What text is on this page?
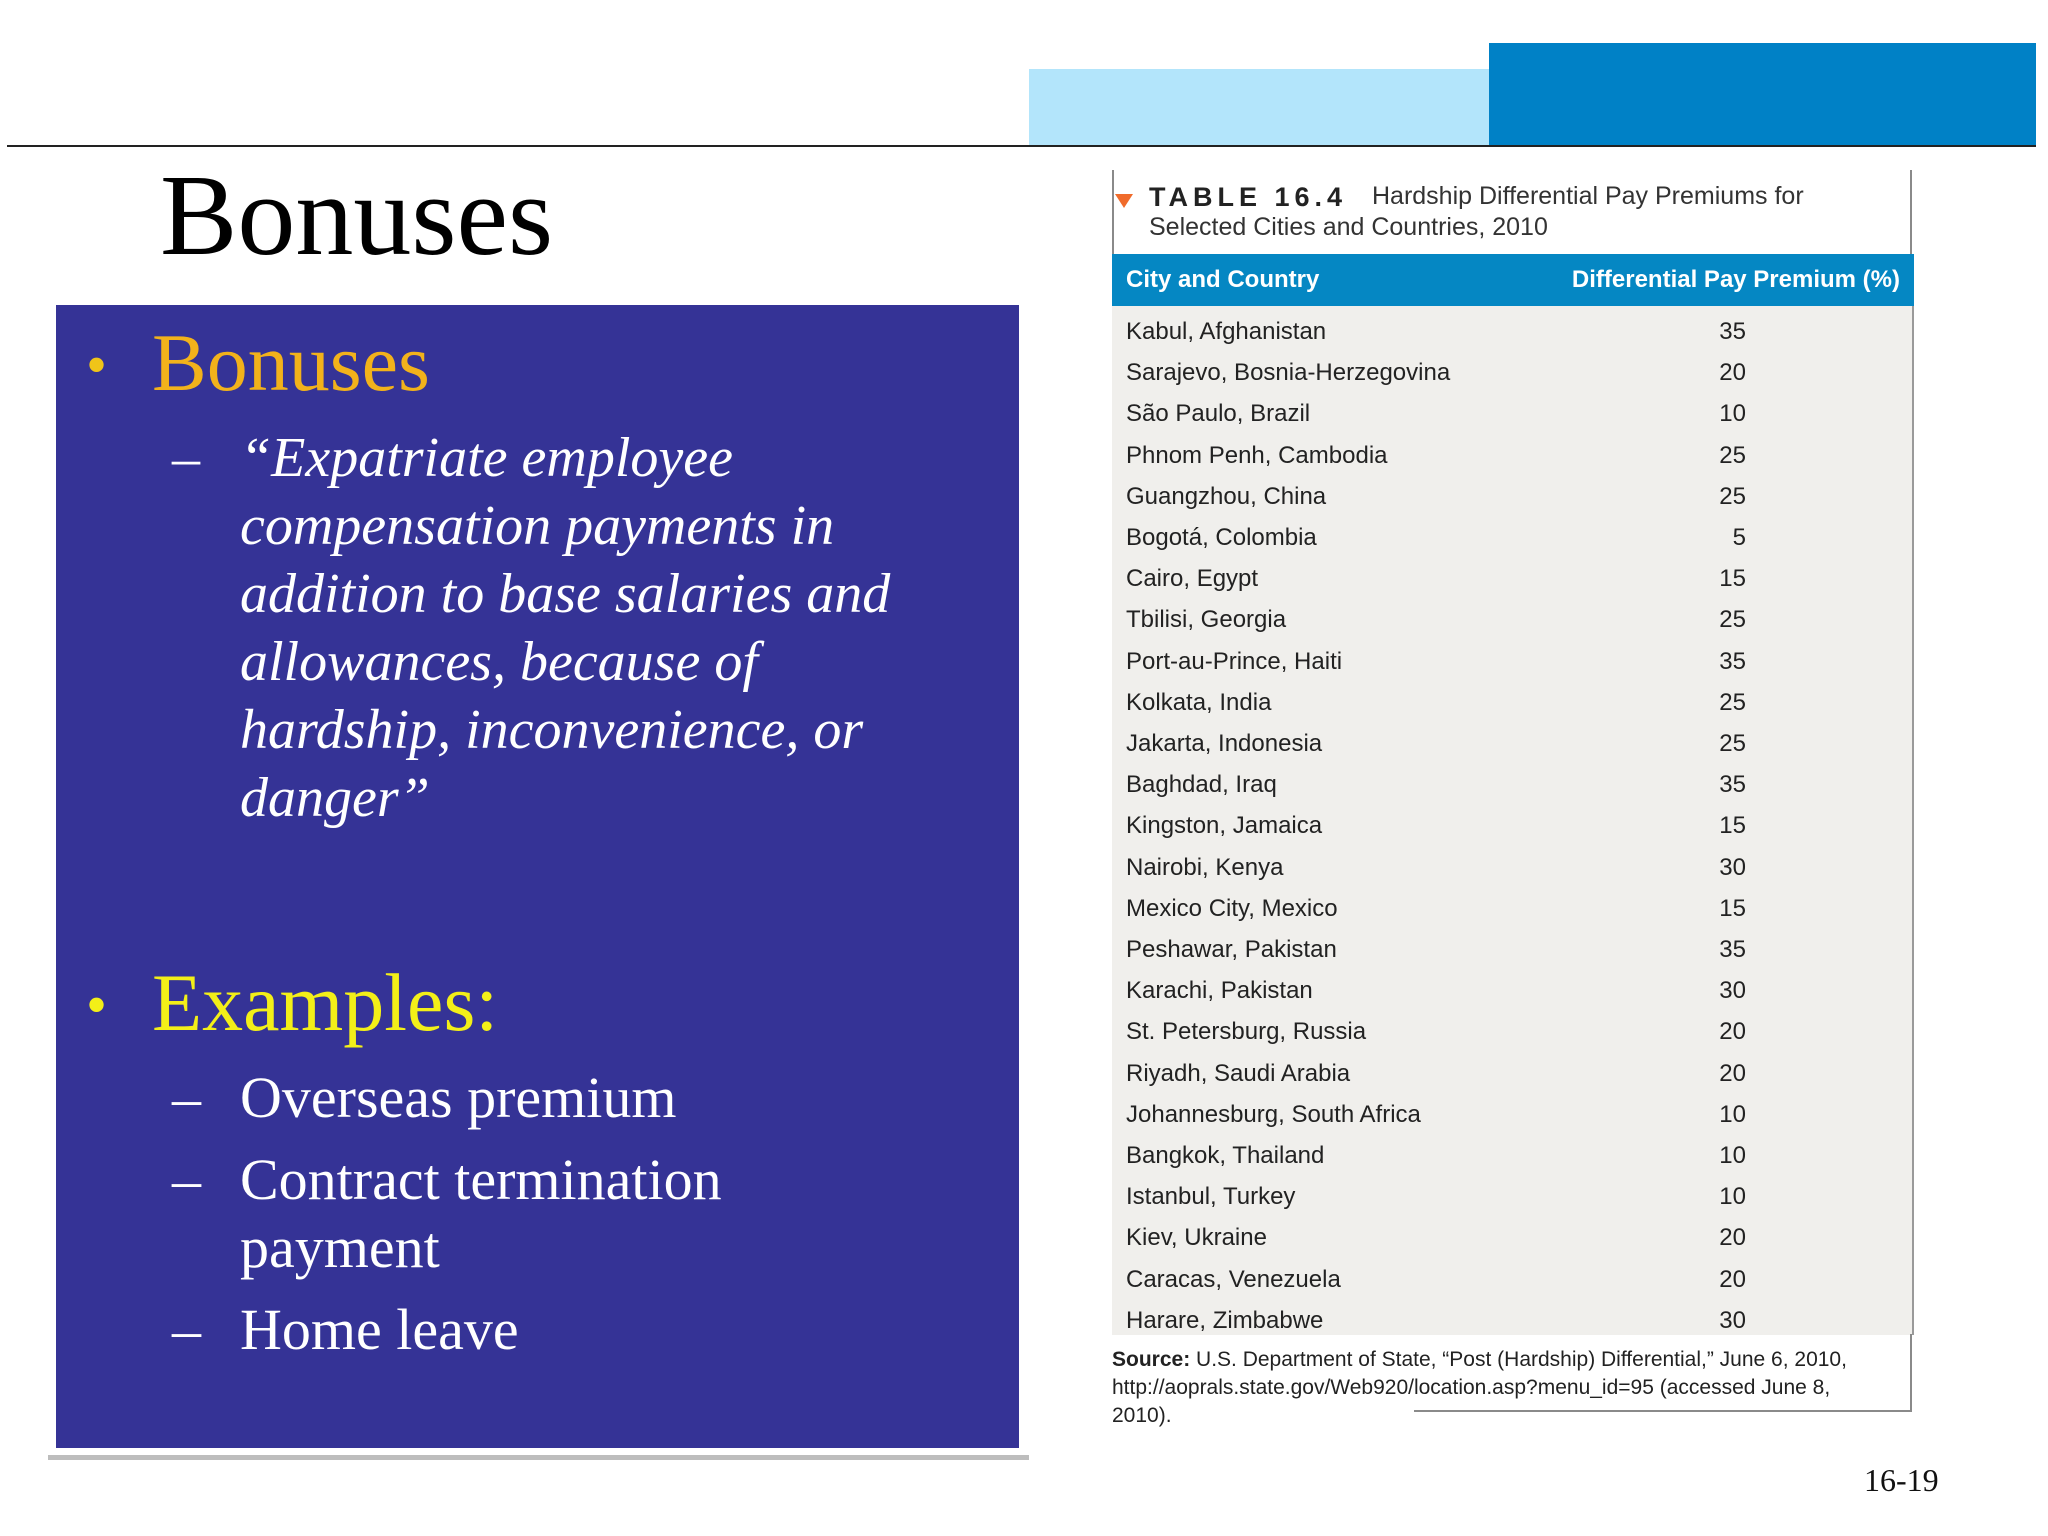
Bonuses
• Bonuses
– “Expatriate employee
compensation payments in
addition to base salaries and
allowances, because of
hardship, inconvenience, or
danger”
• Examples:
– Overseas premium
– Contract termination
payment
– Home leave
TABLE 16.4 Hardship Differential Pay Premiums for
Selected Cities and Countries, 2010
City and Country	Differential Pay Premium (%)
Kabul, Afghanistan	35
Sarajevo, Bosnia-Herzegovina	20
São Paulo, Brazil	10
Phnom Penh, Cambodia	25
Guangzhou, China	25
Bogotá, Colombia	5
Cairo, Egypt	15
Tbilisi, Georgia	25
Port-au-Prince, Haiti	35
Kolkata, India	25
Jakarta, Indonesia	25
Baghdad, Iraq	35
Kingston, Jamaica	15
Nairobi, Kenya	30
Mexico City, Mexico	15
Peshawar, Pakistan	35
Karachi, Pakistan	30
St. Petersburg, Russia	20
Riyadh, Saudi Arabia	20
Johannesburg, South Africa	10
Bangkok, Thailand	10
Istanbul, Turkey	10
Kiev, Ukraine	20
Caracas, Venezuela	20
Harare, Zimbabwe	30
Source: U.S. Department of State, “Post (Hardship) Differential,” June 6, 2010,
http://aoprals.state.gov/Web920/location.asp?menu_id=95 (accessed June 8,
2010).
16-19
